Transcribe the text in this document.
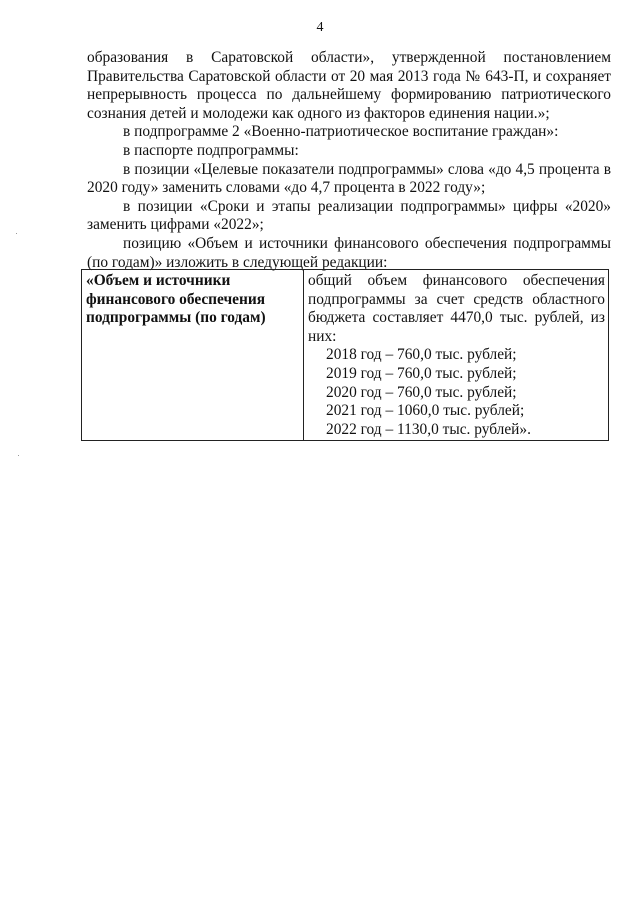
4

образования в Саратовской области», утвержденной постановлением Правительства Саратовской области от 20 мая 2013 года № 643-П, и сохраняет непрерывность процесса по дальнейшему формированию патриотического сознания детей и молодежи как одного из факторов единения нации.»;

в подпрограмме 2 «Военно-патриотическое воспитание граждан»:

в паспорте подпрограммы:

в позиции «Целевые показатели подпрограммы» слова «до 4,5 процента в 2020 году» заменить словами «до 4,7 процента в 2022 году»;

в позиции «Сроки и этапы реализации подпрограммы» цифры «2020» заменить цифрами «2022»;

позицию «Объем и источники финансового обеспечения подпрограммы (по годам)» изложить в следующей редакции:

«Объем и источники финансового обеспечения подпрограммы (по годам)	общий объем финансового обеспечения подпрограммы за счет средств областного бюджета составляет 4470,0 тыс. рублей, из них:
2018 год – 760,0 тыс. рублей;
2019 год – 760,0 тыс. рублей;
2020 год – 760,0 тыс. рублей;
2021 год – 1060,0 тыс. рублей;
2022 год – 1130,0 тыс. рублей».
